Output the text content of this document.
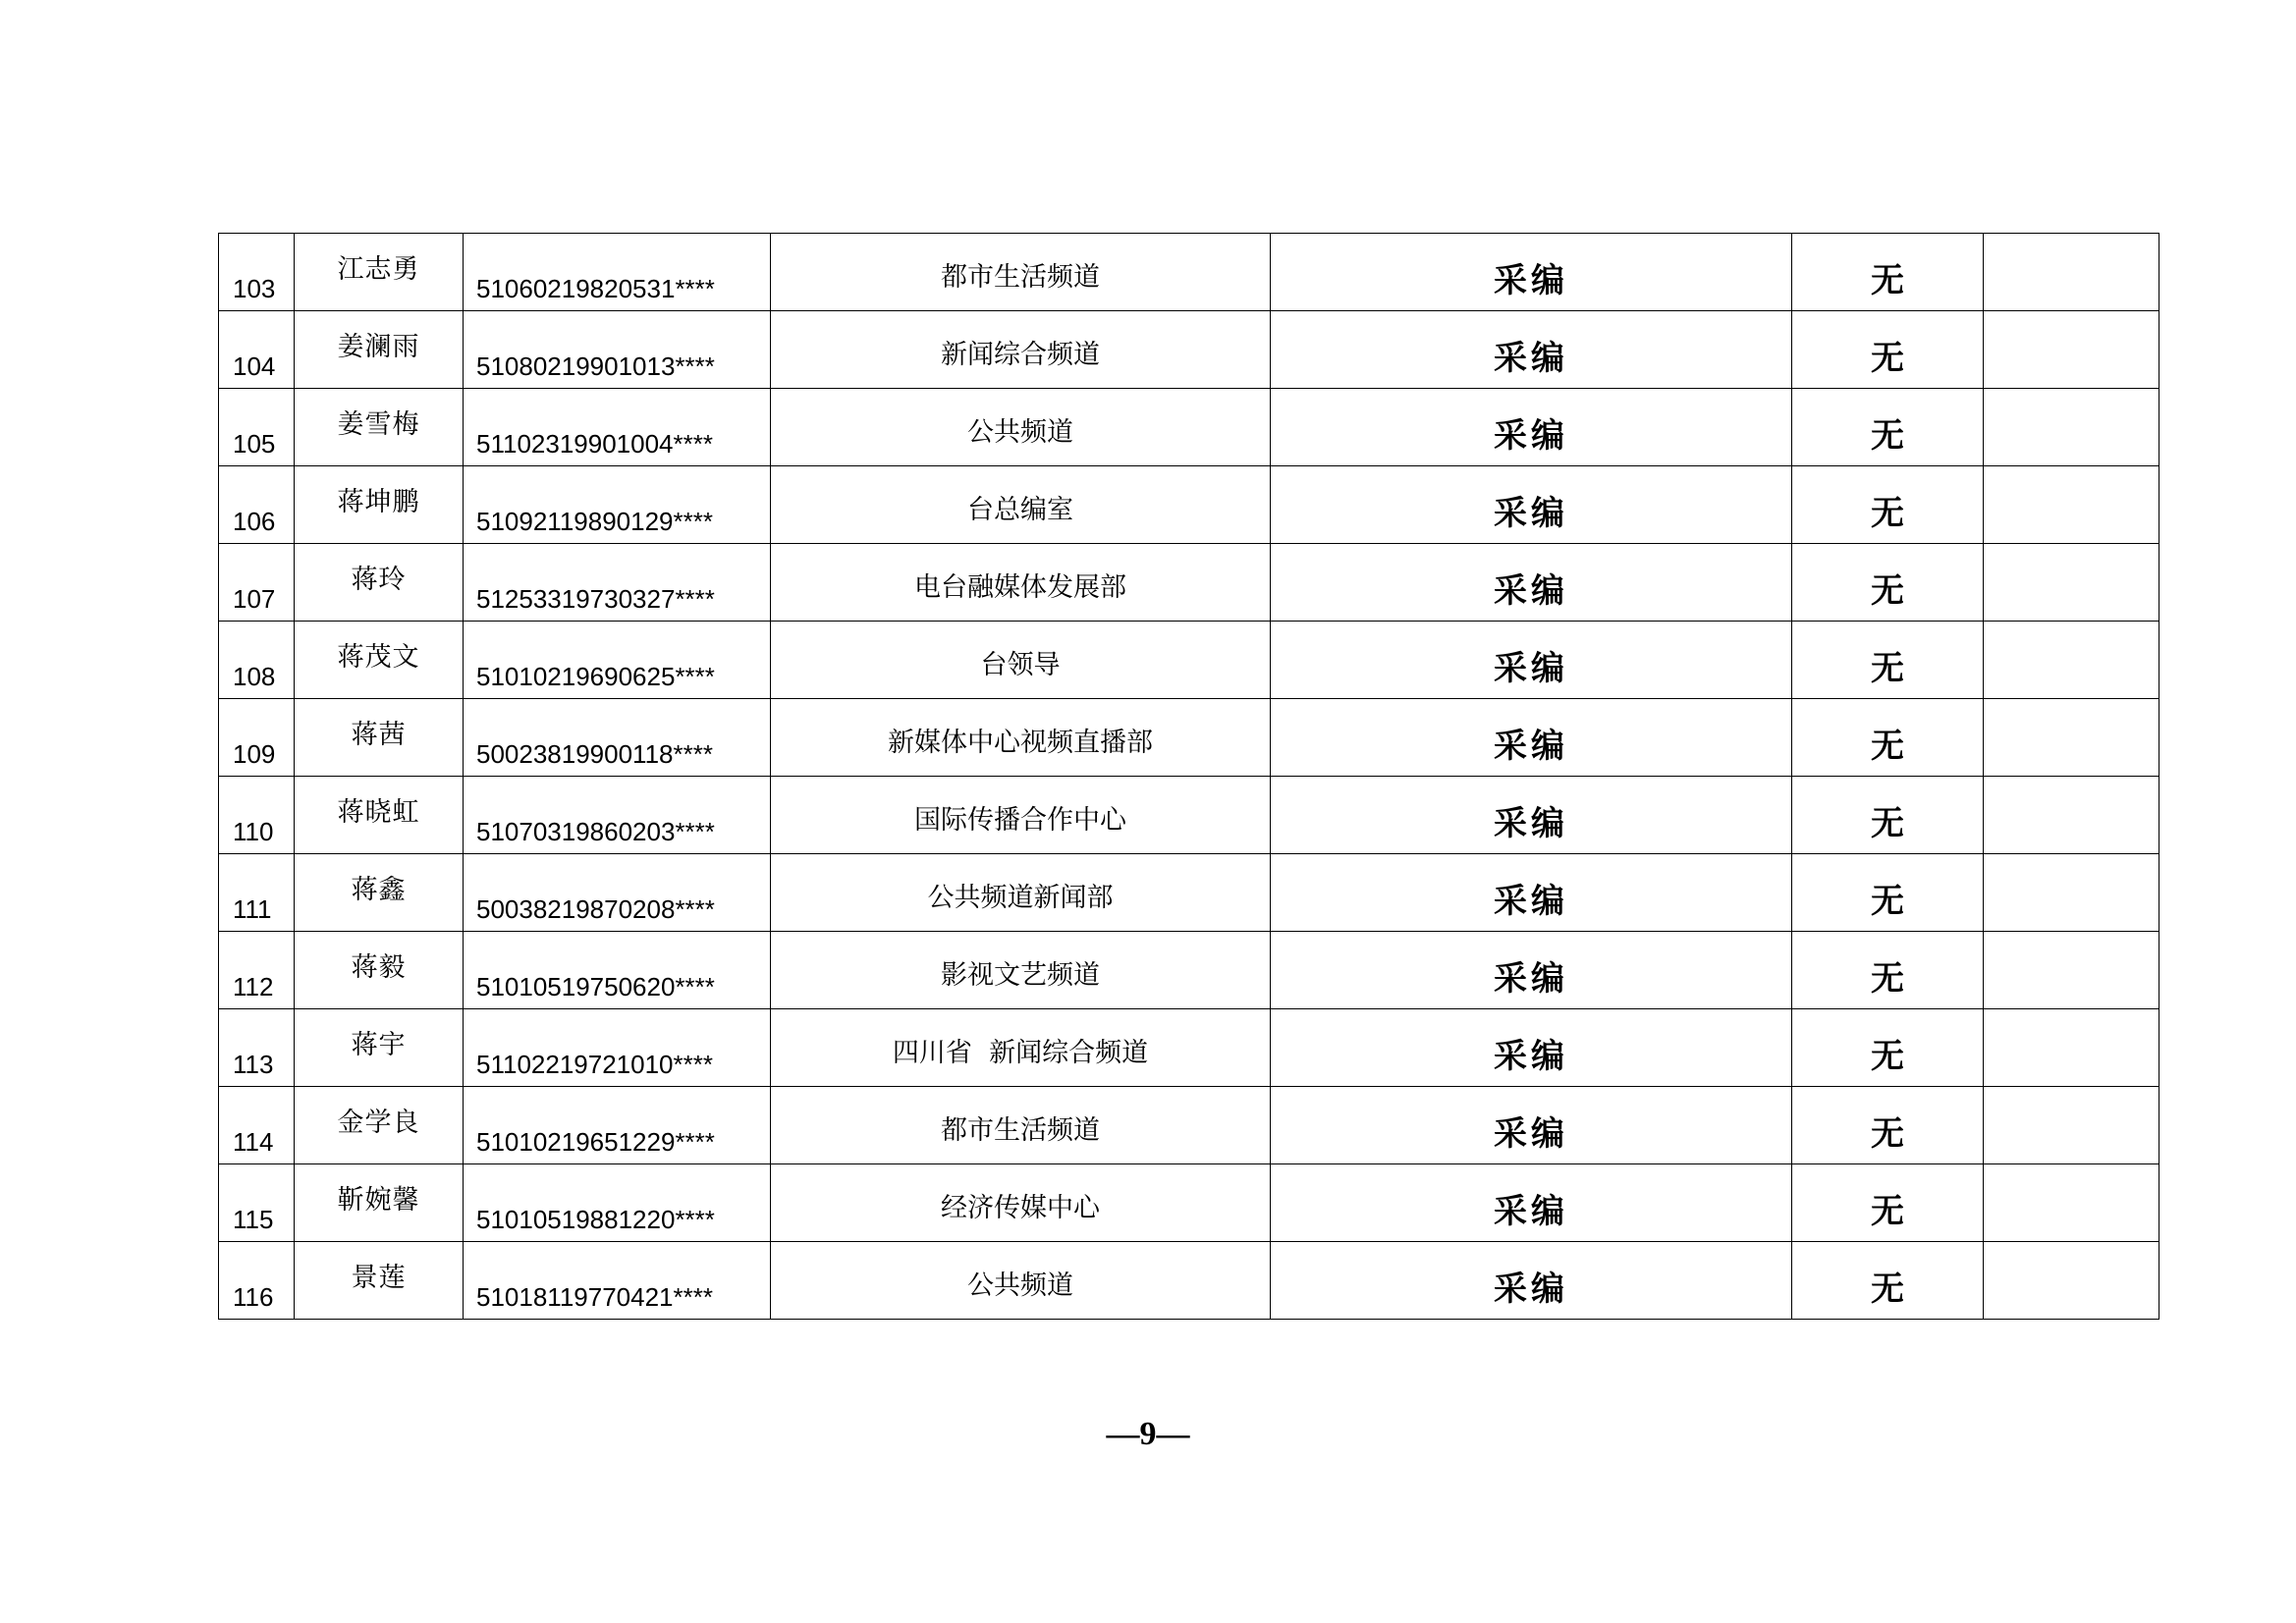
103	江志勇	51060219820531****	都市生活频道	采编	无	

104	姜澜雨	51080219901013****	新闻综合频道	采编	无	

105	姜雪梅	51102319901004****	公共频道	采编	无	

106	蒋坤鹏	51092119890129****	台总编室	采编	无	

107	蒋玲	51253319730327****	电台融媒体发展部	采编	无	

108	蒋茂文	51010219690625****	台领导	采编	无	

109	蒋茜	50023819900118****	新媒体中心视频直播部	采编	无	

110	蒋晓虹	51070319860203****	国际传播合作中心	采编	无	

111	蒋鑫	50038219870208****	公共频道新闻部	采编	无	

112	蒋毅	51010519750620****	影视文艺频道	采编	无	

113	蒋宇	51102219721010****	四川省  新闻综合频道	采编	无	

114	金学良	51010219651229****	都市生活频道	采编	无	

115	靳婉馨	51010519881220****	经济传媒中心	采编	无	

116	景莲	51018119770421****	公共频道	采编	无	

—9—
